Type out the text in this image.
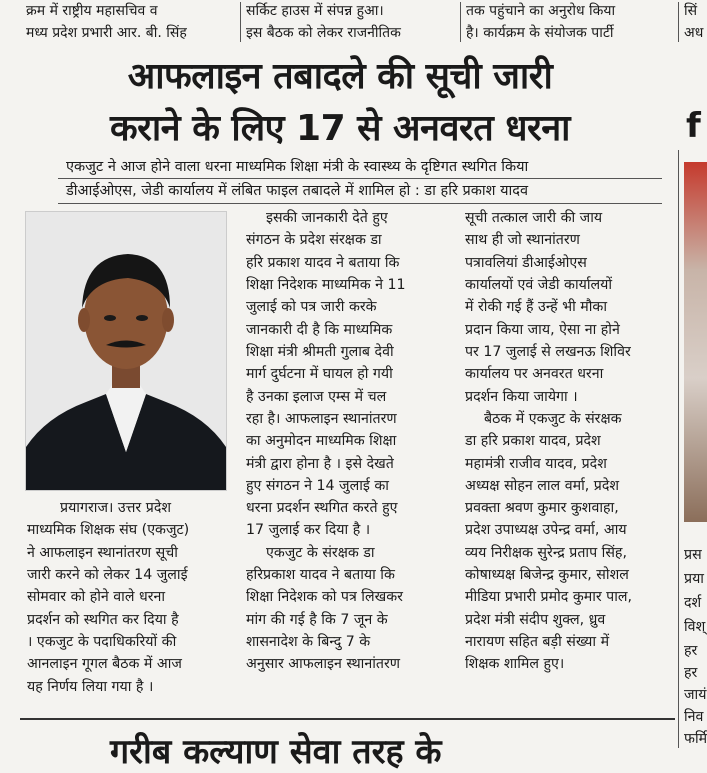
क्रम में राष्ट्रीय महासचिव व
मध्य प्रदेश प्रभारी आर. बी. सिंह
सर्किट हाउस में संपन्न हुआ।
इस बैठक को लेकर राजनीतिक
तक पहुंचाने का अनुरोध किया
है। कार्यक्रम के संयोजक पार्टी
सिं
अध
आफलाइन तबादले की सूची जारी
कराने के लिए 17 से अनवरत धरना	f
एकजुट ने आज होने वाला धरना माध्यमिक शिक्षा मंत्री के स्वास्थ्य के दृष्टिगत स्थगित किया
डीआईओएस, जेडी कार्यालय में लंबित फाइल तबादले में शामिल हो : डा हरि प्रकाश यादव
प्रयागराज। उत्तर प्रदेश
माध्यमिक शिक्षक संघ (एकजुट)
ने आफलाइन स्थानांतरण सूची
जारी करने को लेकर 14 जुलाई
सोमवार को होने वाले धरना
प्रदर्शन को स्थगित कर दिया है
। एकजुट के पदाधिकरियों की
आनलाइन गूगल बैठक में आज
यह निर्णय लिया गया है ।
इसकी जानकारी देते हुए
संगठन के प्रदेश संरक्षक डा
हरि प्रकाश यादव ने बताया कि
शिक्षा निदेशक माध्यमिक ने 11
जुलाई को पत्र जारी करके
जानकारी दी है कि माध्यमिक
शिक्षा मंत्री श्रीमती गुलाब देवी
मार्ग दुर्घटना में घायल हो गयी
है उनका इलाज एम्स में चल
रहा है। आफलाइन स्थानांतरण
का अनुमोदन माध्यमिक शिक्षा
मंत्री द्वारा होना है । इसे देखते
हुए संगठन ने 14 जुलाई का
धरना प्रदर्शन स्थगित करते हुए
17 जुलाई कर दिया है ।
एकजुट के संरक्षक डा
हरिप्रकाश यादव ने बताया कि
शिक्षा निदेशक को पत्र लिखकर
मांग की गई है कि 7 जून के
शासनादेश के बिन्दु 7 के
अनुसार आफलाइन स्थानांतरण
सूची तत्काल जारी की जाय
साथ ही जो स्थानांतरण
पत्रावलियां डीआईओएस
कार्यालयों एवं जेडी कार्यालयों
में रोकी गई हैं उन्हें भी मौका
प्रदान किया जाय, ऐसा ना होने
पर 17 जुलाई से लखनऊ शिविर
कार्यालय पर अनवरत धरना
प्रदर्शन किया जायेगा ।
बैठक में एकजुट के संरक्षक
डा हरि प्रकाश यादव, प्रदेश
महामंत्री राजीव यादव, प्रदेश
अध्यक्ष सोहन लाल वर्मा, प्रदेश
प्रवक्ता श्रवण कुमार कुशवाहा,
प्रदेश उपाध्यक्ष उपेन्द्र वर्मा, आय
व्यय निरीक्षक सुरेन्द्र प्रताप सिंह,
कोषाध्यक्ष बिजेन्द्र कुमार, सोशल
मीडिया प्रभारी प्रमोद कुमार पाल,
प्रदेश मंत्री संदीप शुक्ल, ध्रुव
नारायण सहित बड़ी संख्या में
शिक्षक शामिल हुए।
प्रस
प्रया
दर्श
विश्
हर
हर
जायं
निव
फर्मि
गरीब कल्याण सेवा तरह के
